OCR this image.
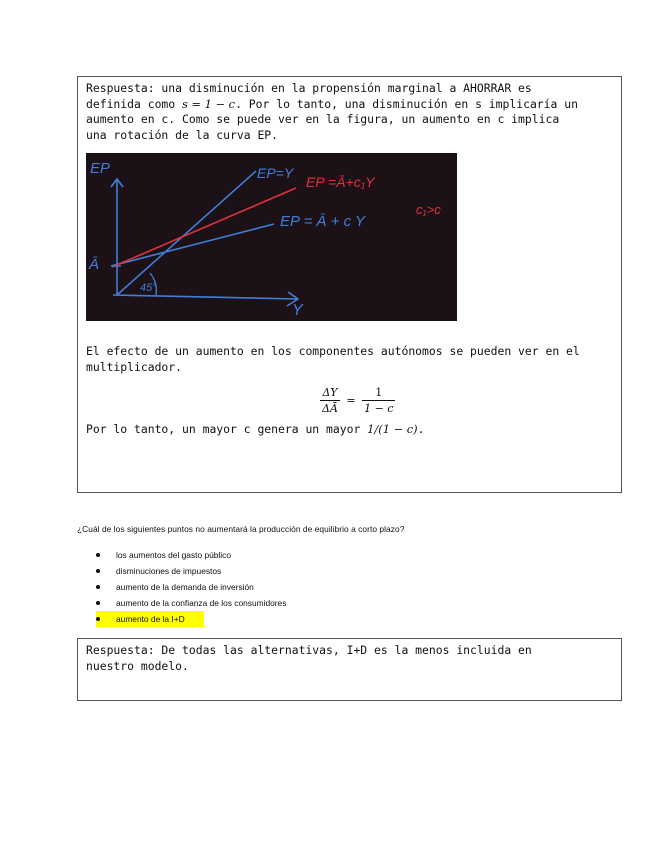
Respuesta: una disminución en la propensión marginal a AHORRAR es
definida como s = 1 − c. Por lo tanto, una disminución en s implicaría un
aumento en c. Como se puede ver en la figura, un aumento en c implica
una rotación de la curva EP.
EP	EP=Y
EP =Ā+c₁Y
EP = Ā + c Y
c₁>c
Ā
45°
Y
El efecto de un aumento en los componentes autónomos se pueden ver en el
multiplicador.
$\frac{\Delta Y}{\Delta Ā} = \frac{1}{1 - c}$
Por lo tanto, un mayor c genera un mayor 1/(1 − c).
¿Cuál de los siguientes puntos no aumentará la producción de equilibrio a corto plazo?
los aumentos del gasto público
disminuciones de impuestos
aumento de la demanda de inversión
aumento de la confianza de los consumidores
aumento de la I+D
Respuesta: De todas las alternativas, I+D es la menos incluida en
nuestro modelo.
